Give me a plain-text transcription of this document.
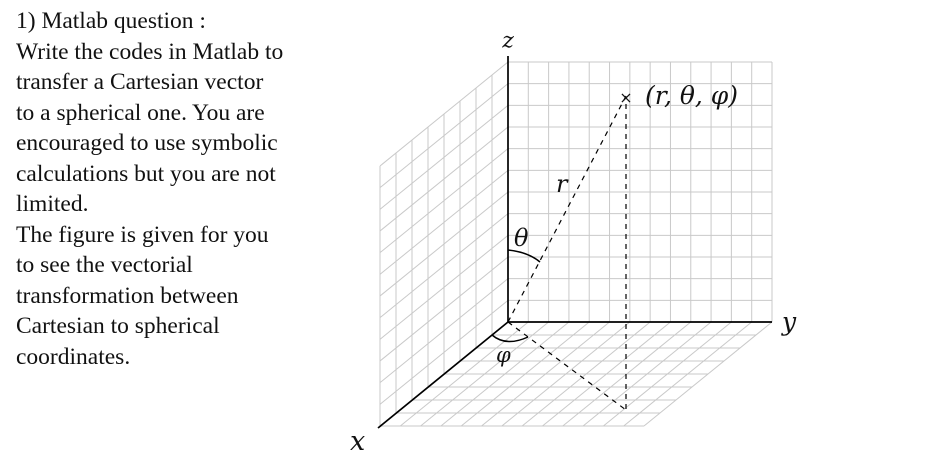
1) Matlab question :
Write the codes in Matlab to
transfer a Cartesian vector
to a spherical one. You are
encouraged to use symbolic
calculations but you are not
limited.
The figure is given for you
to see the vectorial
transformation between
Cartesian to spherical
coordinates.
z
y
x
× (r, θ, φ)
r
θ
φ
